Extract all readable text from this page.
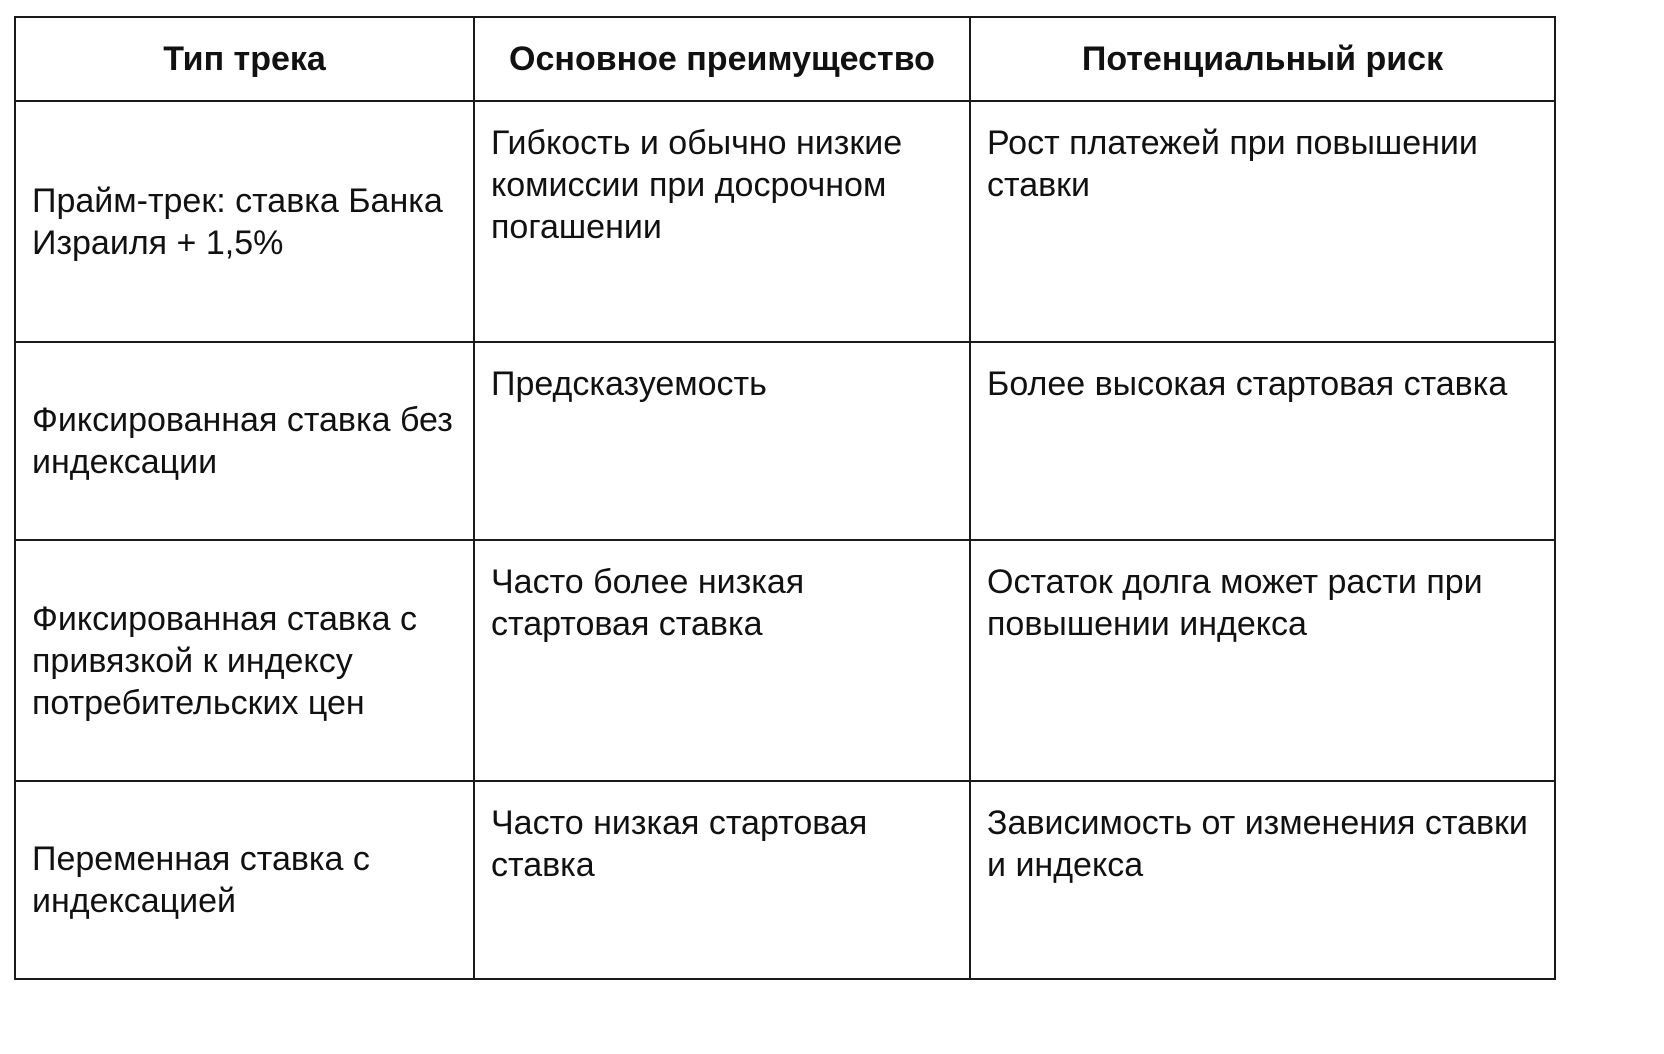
Тип трека	Основное преимущество	Потенциальный риск
Прайм-трек: ставка Банка Израиля + 1,5%	Гибкость и обычно низкие комиссии при досрочном погашении	Рост платежей при повышении ставки
Фиксированная ставка без индексации	Предсказуемость	Более высокая стартовая ставка
Фиксированная ставка с привязкой к индексу потребительских цен	Часто более низкая стартовая ставка	Остаток долга может расти при повышении индекса
Переменная ставка с индексацией	Часто низкая стартовая ставка	Зависимость от изменения ставки и индекса
